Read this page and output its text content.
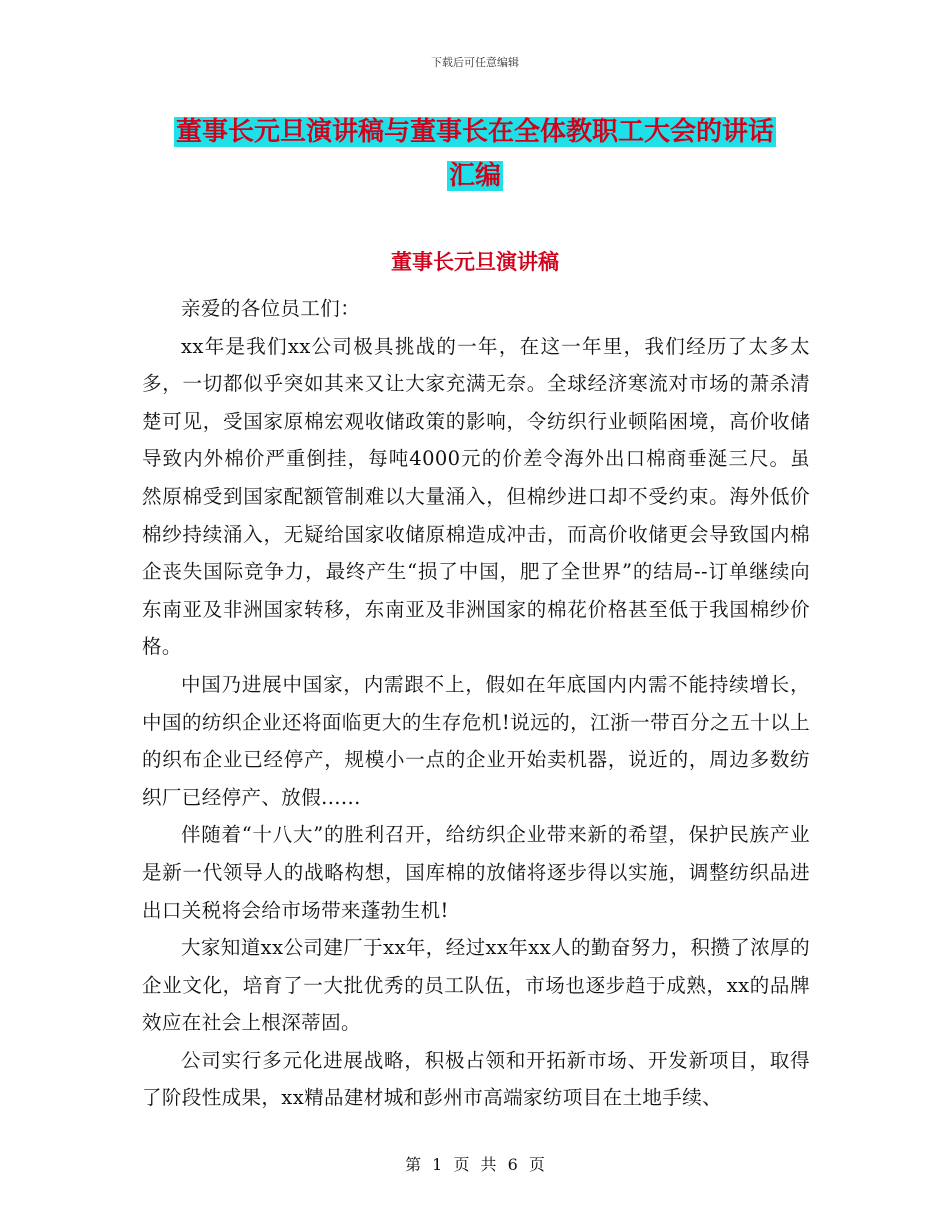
下载后可任意编辑
董事长元旦演讲稿与董事长在全体教职工大会的讲话
汇编
董事长元旦演讲稿

亲爱的各位员工们：

xx年是我们xx公司极具挑战的一年，在这一年里，我们经历了太多太多，一切都似乎突如其来又让大家充满无奈。全球经济寒流对市场的萧杀清楚可见，受国家原棉宏观收储政策的影响，令纺织行业顿陷困境，高价收储导致内外棉价严重倒挂，每吨4000元的价差令海外出口棉商垂涎三尺。虽然原棉受到国家配额管制难以大量涌入，但棉纱进口却不受约束。海外低价棉纱持续涌入，无疑给国家收储原棉造成冲击，而高价收储更会导致国内棉企丧失国际竞争力，最终产生“损了中国，肥了全世界”的结局--订单继续向东南亚及非洲国家转移，东南亚及非洲国家的棉花价格甚至低于我国棉纱价格。

中国乃进展中国家，内需跟不上，假如在年底国内内需不能持续增长，中国的纺织企业还将面临更大的生存危机!说远的，江浙一带百分之五十以上的织布企业已经停产，规模小一点的企业开始卖机器，说近的，周边多数纺织厂已经停产、放假......

伴随着“十八大”的胜利召开，给纺织企业带来新的希望，保护民族产业是新一代领导人的战略构想，国库棉的放储将逐步得以实施，调整纺织品进出口关税将会给市场带来蓬勃生机!

大家知道xx公司建厂于xx年，经过xx年xx人的勤奋努力，积攒了浓厚的企业文化，培育了一大批优秀的员工队伍，市场也逐步趋于成熟，xx的品牌效应在社会上根深蒂固。

公司实行多元化进展战略，积极占领和开拓新市场、开发新项目，取得了阶段性成果，xx精品建材城和彭州市高端家纺项目在土地手续、

第 1 页 共 6 页
